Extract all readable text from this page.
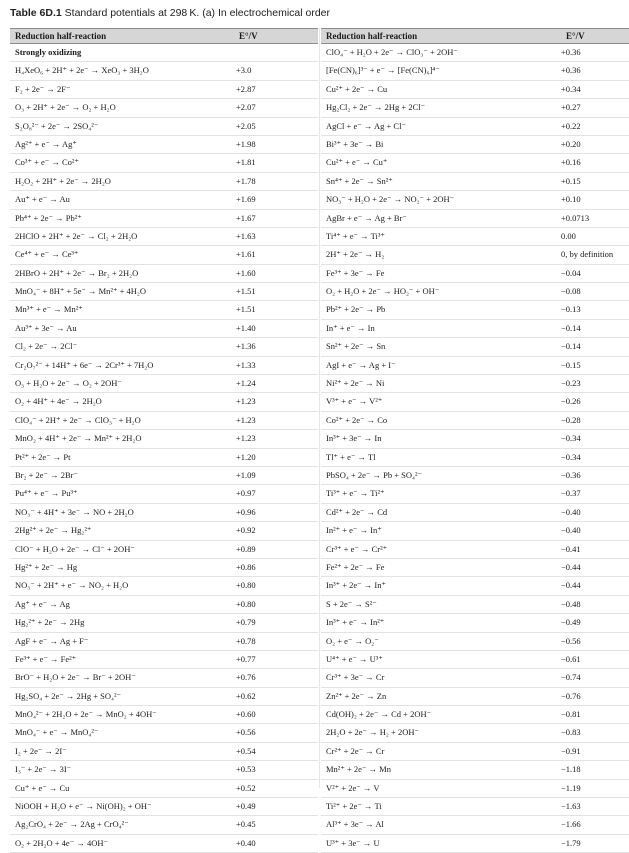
Table 6D.1 Standard potentials at 298 K. (a) In electrochemical order
Reduction half-reaction	E°/V
Strongly oxidizing
H₄XeO₆ + 2H⁺ + 2e⁻ → XeO₃ + 3H₂O	+3.0
F₂ + 2e⁻ → 2F⁻	+2.87
O₃ + 2H⁺ + 2e⁻ → O₂ + H₂O	+2.07
S₂O₈²⁻ + 2e⁻ → 2SO₄²⁻	+2.05
Ag²⁺ + e⁻ → Ag⁺	+1.98
Co³⁺ + e⁻ → Co²⁺	+1.81
H₂O₂ + 2H⁺ + 2e⁻ → 2H₂O	+1.78
Au⁺ + e⁻ → Au	+1.69
Pb⁴⁺ + 2e⁻ → Pb²⁺	+1.67
2HClO + 2H⁺ + 2e⁻ → Cl₂ + 2H₂O	+1.63
Ce⁴⁺ + e⁻ → Ce³⁺	+1.61
2HBrO + 2H⁺ + 2e⁻ → Br₂ + 2H₂O	+1.60
MnO₄⁻ + 8H⁺ + 5e⁻ → Mn²⁺ + 4H₂O	+1.51
Mn³⁺ + e⁻ → Mn²⁺	+1.51
Au³⁺ + 3e⁻ → Au	+1.40
Cl₂ + 2e⁻ → 2Cl⁻	+1.36
Cr₂O₇²⁻ + 14H⁺ + 6e⁻ → 2Cr³⁺ + 7H₂O	+1.33
O₃ + H₂O + 2e⁻ → O₂ + 2OH⁻	+1.24
O₂ + 4H⁺ + 4e⁻ → 2H₂O	+1.23
ClO₄⁻ + 2H⁺ + 2e⁻ → ClO₃⁻ + H₂O	+1.23
MnO₂ + 4H⁺ + 2e⁻ → Mn²⁺ + 2H₂O	+1.23
Pt²⁺ + 2e⁻ → Pt	+1.20
Br₂ + 2e⁻ → 2Br⁻	+1.09
Pu⁴⁺ + e⁻ → Pu³⁺	+0.97
NO₃⁻ + 4H⁺ + 3e⁻ → NO + 2H₂O	+0.96
2Hg²⁺ + 2e⁻ → Hg₂²⁺	+0.92
ClO⁻ + H₂O + 2e⁻ → Cl⁻ + 2OH⁻	+0.89
Hg²⁺ + 2e⁻ → Hg	+0.86
NO₃⁻ + 2H⁺ + e⁻ → NO₂ + H₂O	+0.80
Ag⁺ + e⁻ → Ag	+0.80
Hg₂²⁺ + 2e⁻ → 2Hg	+0.79
AgF + e⁻ → Ag + F⁻	+0.78
Fe³⁺ + e⁻ → Fe²⁺	+0.77
BrO⁻ + H₂O + 2e⁻ → Br⁻ + 2OH⁻	+0.76
Hg₂SO₄ + 2e⁻ → 2Hg + SO₄²⁻	+0.62
MnO₄²⁻ + 2H₂O + 2e⁻ → MnO₂ + 4OH⁻	+0.60
MnO₄⁻ + e⁻ → MnO₄²⁻	+0.56
I₂ + 2e⁻ → 2I⁻	+0.54
I₃⁻ + 2e⁻ → 3I⁻	+0.53
Cu⁺ + e⁻ → Cu	+0.52
NiOOH + H₂O + e⁻ → Ni(OH)₂ + OH⁻	+0.49
Ag₂CrO₄ + 2e⁻ → 2Ag + CrO₄²⁻	+0.45
O₂ + 2H₂O + 4e⁻ → 4OH⁻	+0.40
Reduction half-reaction	E°/V
ClO₄⁻ + H₂O + 2e⁻ → ClO₃⁻ + 2OH⁻	+0.36
[Fe(CN)₆]³⁻ + e⁻ → [Fe(CN)₆]⁴⁻	+0.36
Cu²⁺ + 2e⁻ → Cu	+0.34
Hg₂Cl₂ + 2e⁻ → 2Hg + 2Cl⁻	+0.27
AgCl + e⁻ → Ag + Cl⁻	+0.22
Bi³⁺ + 3e⁻ → Bi	+0.20
Cu²⁺ + e⁻ → Cu⁺	+0.16
Sn⁴⁺ + 2e⁻ → Sn²⁺	+0.15
NO₃⁻ + H₂O + 2e⁻ → NO₂⁻ + 2OH⁻	+0.10
AgBr + e⁻ → Ag + Br⁻	+0.0713
Ti⁴⁺ + e⁻ → Ti³⁺	0.00
2H⁺ + 2e⁻ → H₂	0, by definition
Fe³⁺ + 3e⁻ → Fe	−0.04
O₂ + H₂O + 2e⁻ → HO₂⁻ + OH⁻	−0.08
Pb²⁺ + 2e⁻ → Pb	−0.13
In⁺ + e⁻ → In	−0.14
Sn²⁺ + 2e⁻ → Sn	−0.14
AgI + e⁻ → Ag + I⁻	−0.15
Ni²⁺ + 2e⁻ → Ni	−0.23
V³⁺ + e⁻ → V²⁺	−0.26
Co²⁺ + 2e⁻ → Co	−0.28
In³⁺ + 3e⁻ → In	−0.34
Tl⁺ + e⁻ → Tl	−0.34
PbSO₄ + 2e⁻ → Pb + SO₄²⁻	−0.36
Ti³⁺ + e⁻ → Ti²⁺	−0.37
Cd²⁺ + 2e⁻ → Cd	−0.40
In²⁺ + e⁻ → In⁺	−0.40
Cr³⁺ + e⁻ → Cr²⁺	−0.41
Fe²⁺ + 2e⁻ → Fe	−0.44
In³⁺ + 2e⁻ → In⁺	−0.44
S + 2e⁻ → S²⁻	−0.48
In³⁺ + e⁻ → In²⁺	−0.49
O₂ + e⁻ → O₂⁻	−0.56
U⁴⁺ + e⁻ → U³⁺	−0.61
Cr³⁺ + 3e⁻ → Cr	−0.74
Zn²⁺ + 2e⁻ → Zn	−0.76
Cd(OH)₂ + 2e⁻ → Cd + 2OH⁻	−0.81
2H₂O + 2e⁻ → H₂ + 2OH⁻	−0.83
Cr²⁺ + 2e⁻ → Cr	−0.91
Mn²⁺ + 2e⁻ → Mn	−1.18
V²⁺ + 2e⁻ → V	−1.19
Ti²⁺ + 2e⁻ → Ti	−1.63
Al³⁺ + 3e⁻ → Al	−1.66
U³⁺ + 3e⁻ → U	−1.79
